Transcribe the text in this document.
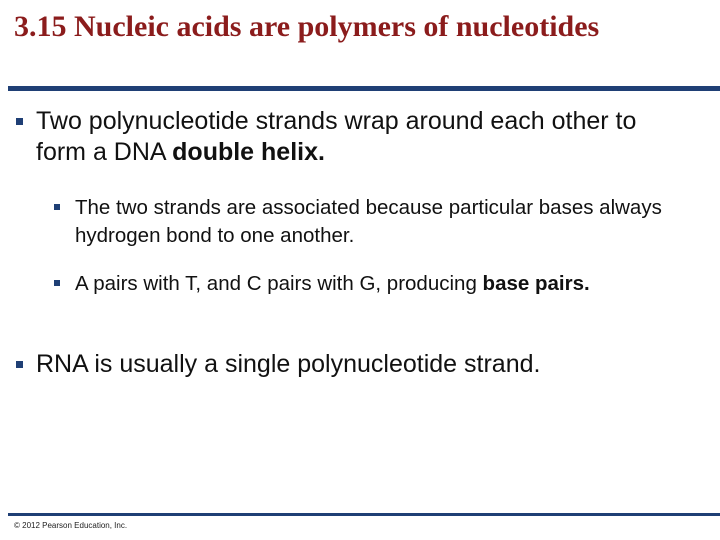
3.15 Nucleic acids are polymers of nucleotides
Two polynucleotide strands wrap around each other to form a DNA double helix.
The two strands are associated because particular bases always hydrogen bond to one another.
A pairs with T, and C pairs with G, producing base pairs.
RNA is usually a single polynucleotide strand.
© 2012 Pearson Education, Inc.
